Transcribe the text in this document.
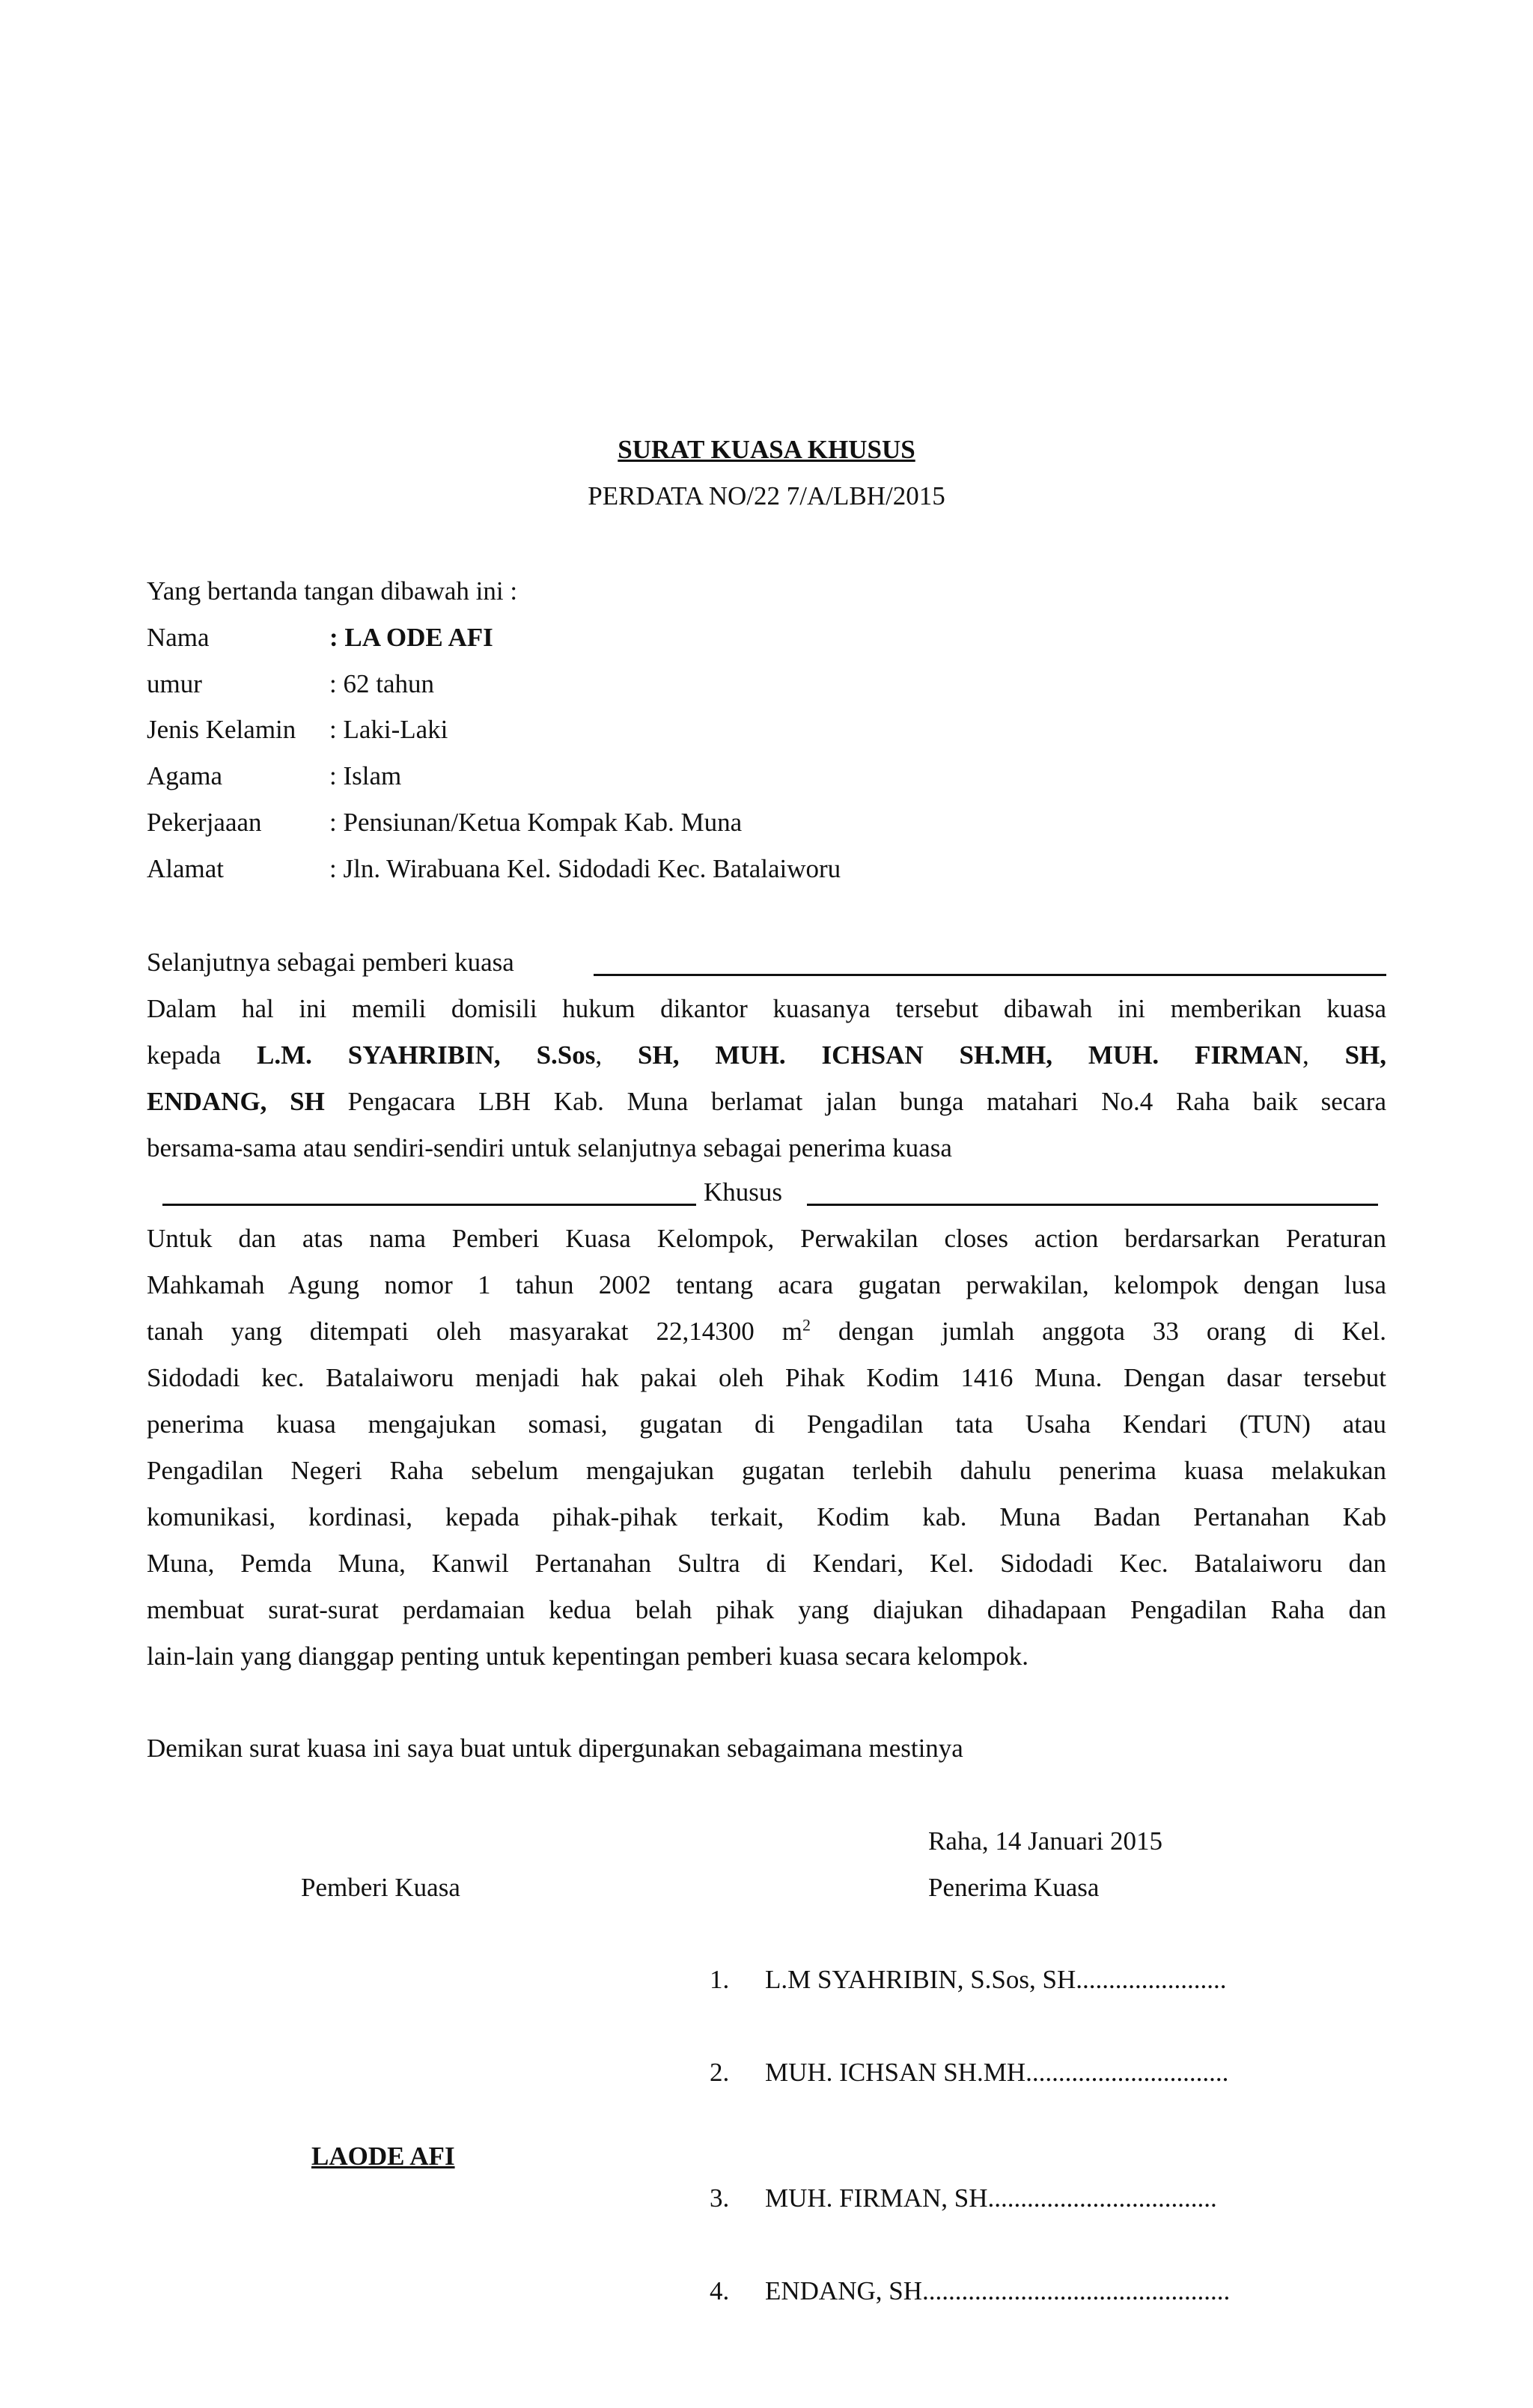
SURAT KUASA KHUSUS
PERDATA NO/22 7/A/LBH/2015
Yang bertanda tangan dibawah ini :
Nama	: LA ODE AFI
umur	: 62 tahun
Jenis Kelamin : Laki-Laki
Agama	: Islam
Pekerjaaan	: Pensiunan/Ketua Kompak Kab. Muna
Alamat	: Jln. Wirabuana Kel. Sidodadi Kec. Batalaiworu
Selanjutnya sebagai pemberi kuasa
Dalam hal ini memili domisili hukum dikantor kuasanya tersebut dibawah ini memberikan kuasa
kepada L.M. SYAHRIBIN, S.Sos, SH, MUH. ICHSAN SH.MH, MUH. FIRMAN, SH,
ENDANG, SH Pengacara LBH Kab. Muna berlamat jalan bunga matahari No.4 Raha baik secara
bersama-sama atau sendiri-sendiri untuk selanjutnya sebagai penerima kuasa
Khusus
Untuk dan atas nama Pemberi Kuasa Kelompok, Perwakilan closes action berdarsarkan Peraturan
Mahkamah Agung nomor 1 tahun 2002 tentang acara gugatan perwakilan, kelompok dengan lusa
tanah yang ditempati oleh masyarakat 22,14300 $m^2$ dengan jumlah anggota 33 orang di Kel.
Sidodadi kec. Batalaiworu menjadi hak pakai oleh Pihak Kodim 1416 Muna. Dengan dasar tersebut
penerima kuasa mengajukan somasi, gugatan di Pengadilan tata Usaha Kendari (TUN) atau
Pengadilan Negeri Raha sebelum mengajukan gugatan terlebih dahulu penerima kuasa melakukan
komunikasi, kordinasi, kepada pihak-pihak terkait, Kodim kab. Muna Badan Pertanahan Kab
Muna, Pemda Muna, Kanwil Pertanahan Sultra di Kendari, Kel. Sidodadi Kec. Batalaiworu dan
membuat surat-surat perdamaian kedua belah pihak yang diajukan dihadapaan Pengadilan Raha dan
lain-lain yang dianggap penting untuk kepentingan pemberi kuasa secara kelompok.
Demikan surat kuasa ini saya buat untuk dipergunakan sebagaimana mestinya
Raha, 14 Januari 2015
Pemberi Kuasa	Penerima Kuasa
1. L.M SYAHRIBIN, S.Sos, SH.......................
2. MUH. ICHSAN SH.MH...............................
3. MUH. FIRMAN, SH...................................
4. ENDANG, SH...............................................
LAODE AFI
